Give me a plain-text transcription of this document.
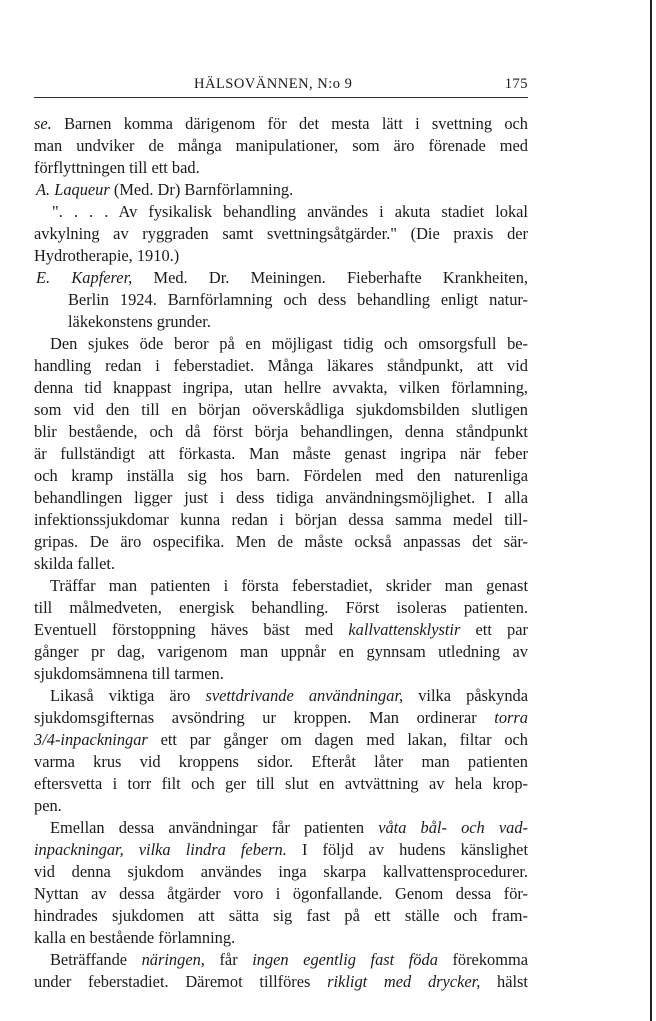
HÄLSOVÄNNEN, N:o 9	175
se. Barnen komma därigenom för det mesta lätt i svettning och
man undviker de många manipulationer, som äro förenade med
förflyttningen till ett bad.
A. Laqueur (Med. Dr) Barnförlamning.
". . . . Av fysikalisk behandling användes i akuta stadiet lokal
avkylning av ryggraden samt svettningsåtgärder." (Die praxis der
Hydrotherapie, 1910.)
E. Kapferer, Med. Dr. Meiningen. Fieberhafte Krankheiten,
Berlin 1924. Barnförlamning och dess behandling enligt natur-
läkekonstens grunder.
Den sjukes öde beror på en möjligast tidig och omsorgsfull be-
handling redan i feberstadiet. Många läkares ståndpunkt, att vid
denna tid knappast ingripa, utan hellre avvakta, vilken förlamning,
som vid den till en början oöverskådliga sjukdomsbilden slutligen
blir bestående, och då först börja behandlingen, denna ståndpunkt
är fullständigt att förkasta. Man måste genast ingripa när feber
och kramp inställa sig hos barn. Fördelen med den naturenliga
behandlingen ligger just i dess tidiga användningsmöjlighet. I alla
infektionssjukdomar kunna redan i början dessa samma medel till-
gripas. De äro ospecifika. Men de måste också anpassas det sär-
skilda fallet.
Träffar man patienten i första feberstadiet, skrider man genast
till målmedveten, energisk behandling. Först isoleras patienten.
Eventuell förstoppning häves bäst med kallvattensklystir ett par
gånger pr dag, varigenom man uppnår en gynnsam utledning av
sjukdomsämnena till tarmen.
Likaså viktiga äro svettdrivande användningar, vilka påskynda
sjukdomsgifternas avsöndring ur kroppen. Man ordinerar torra
3/4-inpackningar ett par gånger om dagen med lakan, filtar och
varma krus vid kroppens sidor. Efteråt låter man patienten
eftersvetta i torr filt och ger till slut en avtvättning av hela krop-
pen.
Emellan dessa användningar får patienten våta bål- och vad-
inpackningar, vilka lindra febern. I följd av hudens känslighet
vid denna sjukdom användes inga skarpa kallvattensprocedurer.
Nyttan av dessa åtgärder voro i ögonfallande. Genom dessa för-
hindrades sjukdomen att sätta sig fast på ett ställe och fram-
kalla en bestående förlamning.
Beträffande näringen, får ingen egentlig fast föda förekomma
under feberstadiet. Däremot tillföres rikligt med drycker, hälst
